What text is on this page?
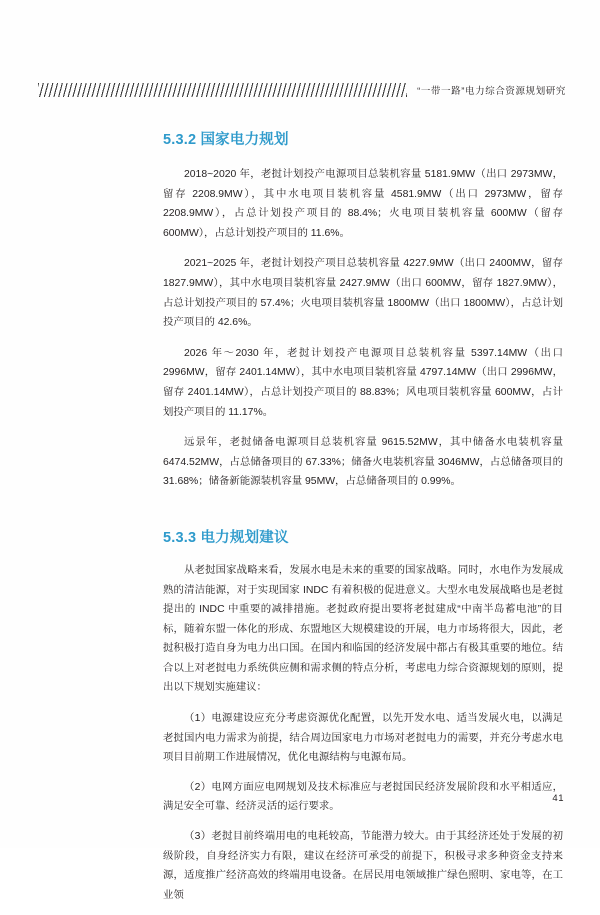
“一带一路”电力综合资源规划研究
5.3.2 国家电力规划

2018~2020 年，老挝计划投产电源项目总装机容量 5181.9MW（出口 2973MW，留存 2208.9MW），其中水电项目装机容量 4581.9MW（出口 2973MW，留存 2208.9MW），占总计划投产项目的 88.4%；火电项目装机容量 600MW（留存 600MW），占总计划投产项目的 11.6%。

2021~2025 年，老挝计划投产项目总装机容量 4227.9MW（出口 2400MW，留存 1827.9MW），其中水电项目装机容量 2427.9MW（出口 600MW，留存 1827.9MW），占总计划投产项目的 57.4%；火电项目装机容量 1800MW（出口 1800MW），占总计划投产项目的 42.6%。

2026 年～2030 年，老挝计划投产电源项目总装机容量 5397.14MW（出口 2996MW，留存 2401.14MW），其中水电项目装机容量 4797.14MW（出口 2996MW，留存 2401.14MW），占总计划投产项目的 88.83%；风电项目装机容量 600MW，占计划投产项目的 11.17%。

远景年，老挝储备电源项目总装机容量 9615.52MW，其中储备水电装机容量 6474.52MW，占总储备项目的 67.33%；储备火电装机容量 3046MW，占总储备项目的 31.68%；储备新能源装机容量 95MW，占总储备项目的 0.99%。

5.3.3 电力规划建议

从老挝国家战略来看，发展水电是未来的重要的国家战略。同时，水电作为发展成熟的清洁能源，对于实现国家 INDC 有着积极的促进意义。大型水电发展战略也是老挝提出的 INDC 中重要的减排措施。老挝政府提出要将老挝建成“中南半岛蓄电池”的目标，随着东盟一体化的形成、东盟地区大规模建设的开展，电力市场将很大，因此，老挝积极打造自身为电力出口国。在国内和临国的经济发展中都占有极其重要的地位。结合以上对老挝电力系统供应侧和需求侧的特点分析，考虑电力综合资源规划的原则，提出以下规划实施建议：

（1）电源建设应充分考虑资源优化配置，以先开发水电、适当发展火电，以满足老挝国内电力需求为前提，结合周边国家电力市场对老挝电力的需要，并充分考虑水电项目目前期工作进展情况，优化电源结构与电源布局。

（2）电网方面应电网规划及技术标准应与老挝国民经济发展阶段和水平相适应，满足安全可靠、经济灵活的运行要求。

（3）老挝目前终端用电的电耗较高，节能潜力较大。由于其经济还处于发展的初级阶段，自身经济实力有限，建议在经济可承受的前提下，积极寻求多种资金支持来源，适度推广经济高效的终端用电设备。在居民用电领域推广绿色照明、家电等，在工业领

41
